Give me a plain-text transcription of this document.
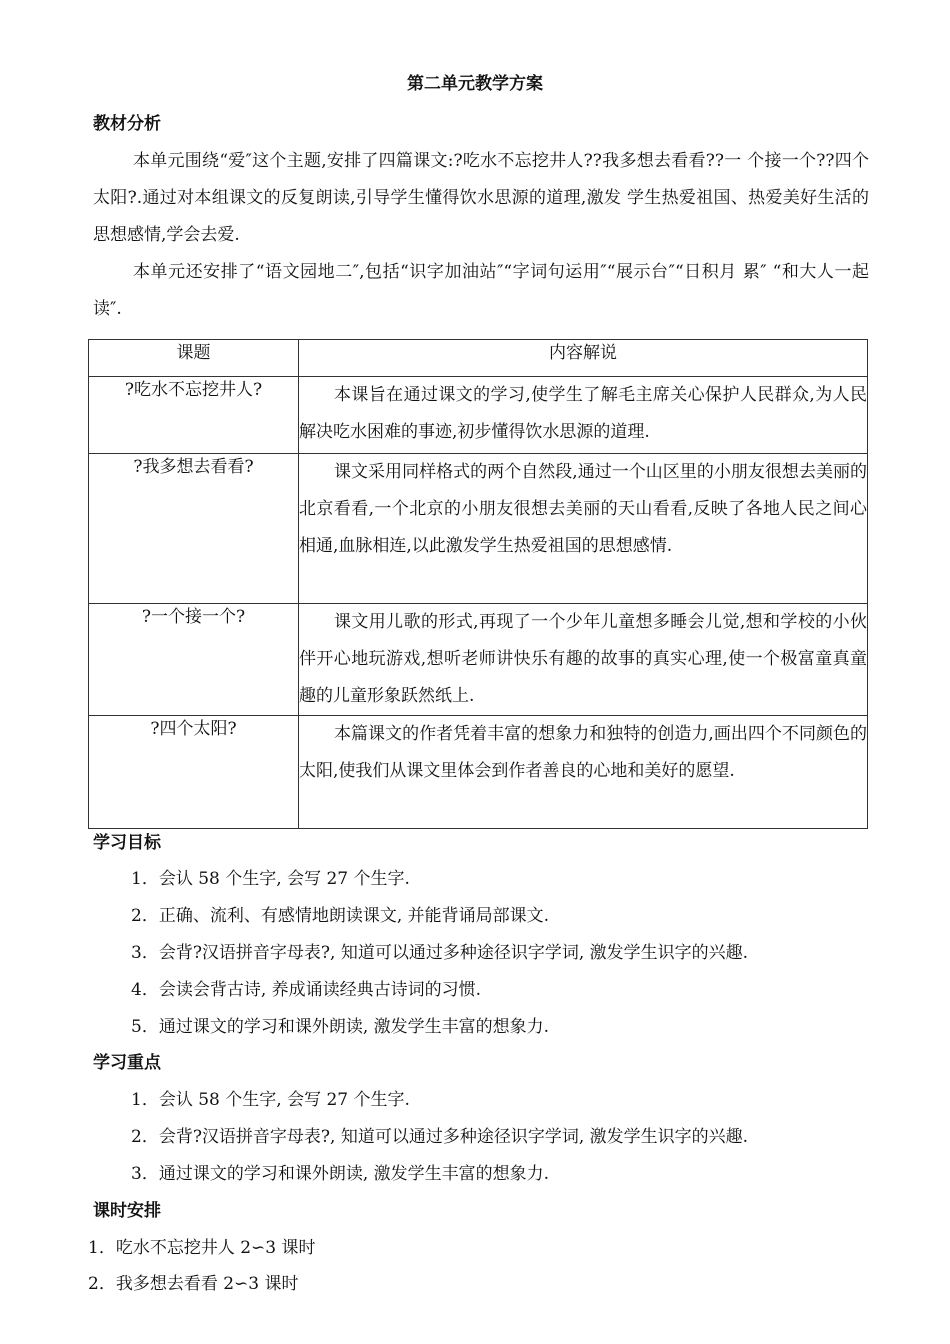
第二单元教学方案
教材分析

本单元围绕“爱″这个主题,安排了四篇课文:?吃水不忘挖井人??我多想去看看??一 个接一个??四个太阳?.通过对本组课文的反复朗读,引导学生懂得饮水思源的道理,激发 学生热爱祖国、热爱美好生活的思想感情,学会去爱.

本单元还安排了“语文园地二″,包括“识字加油站″“字词句运用″“展示台″“日积月 累″ “和大人一起读″.

课题	内容解说
?吃水不忘挖井人?	本课旨在通过课文的学习,使学生了解毛主席关心保护人民群众,为人民解决吃水困难的事迹,初步懂得饮水思源的道理.
?我多想去看看?	课文采用同样格式的两个自然段,通过一个山区里的小朋友很想去美丽的北京看看,一个北京的小朋友很想去美丽的天山看看,反映了各地人民之间心相通,血脉相连,以此激发学生热爱祖国的思想感情.
?一个接一个?	课文用儿歌的形式,再现了一个少年儿童想多睡会儿觉,想和学校的小伙伴开心地玩游戏,想听老师讲快乐有趣的故事的真实心理,使一个极富童真童趣的儿童形象跃然纸上.
?四个太阳?	本篇课文的作者凭着丰富的想象力和独特的创造力,画出四个不同颜色的太阳,使我们从课文里体会到作者善良的心地和美好的愿望.
学习目标
1．会认 58 个生字, 会写 27 个生字.
2．正确、流利、有感情地朗读课文, 并能背诵局部课文.
3．会背?汉语拼音字母表?, 知道可以通过多种途径识字学词, 激发学生识字的兴趣.
4．会读会背古诗, 养成诵读经典古诗词的习惯.
5．通过课文的学习和课外朗读, 激发学生丰富的想象力.
学习重点
1．会认 58 个生字, 会写 27 个生字.
2．会背?汉语拼音字母表?, 知道可以通过多种途径识字学词, 激发学生识字的兴趣.
3．通过课文的学习和课外朗读, 激发学生丰富的想象力.
课时安排
1．吃水不忘挖井人 2∽3 课时
2．我多想去看看 2∽3 课时
